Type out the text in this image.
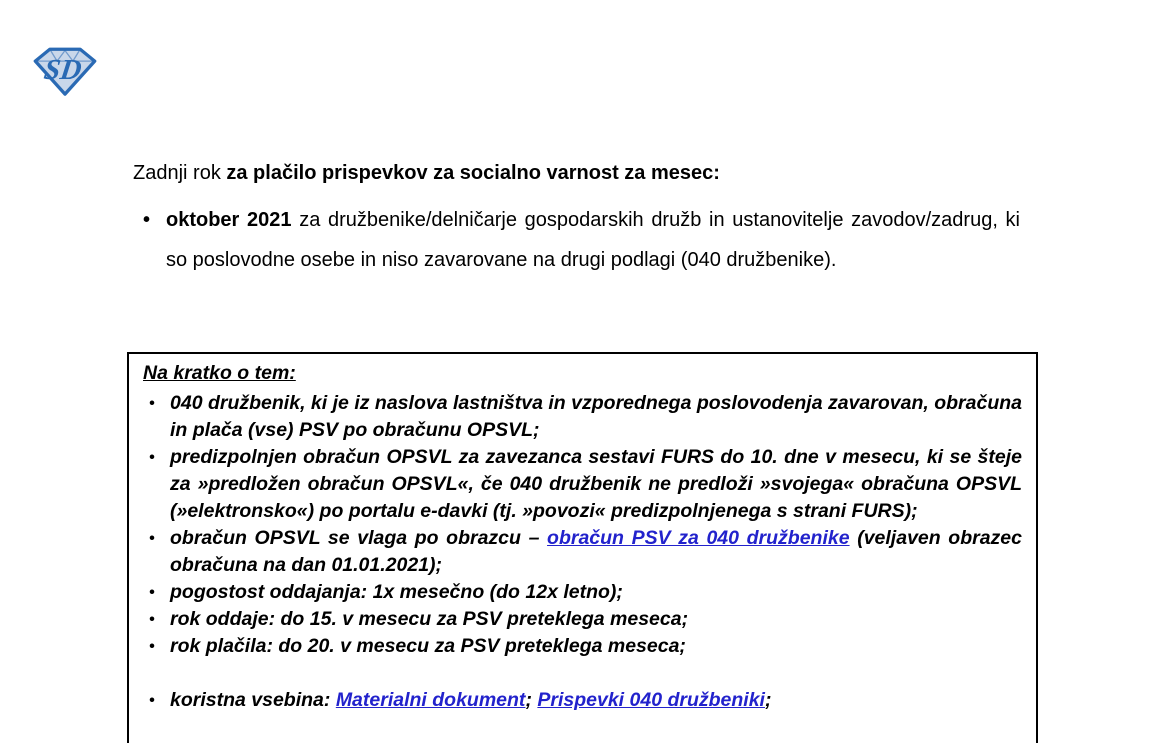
SD

Zadnji rok za plačilo prispevkov za socialno varnost za mesec:

• oktober 2021 za družbenike/delničarje gospodarskih družb in ustanovitelje zavodov/zadrug, ki so poslovodne osebe in niso zavarovane na drugi podlagi (040 družbenike).
Na kratko o tem:
• 040 družbenik, ki je iz naslova lastništva in vzporednega poslovodenja zavarovan, obračuna in plača (vse) PSV po obračunu OPSVL;
• predizpolnjen obračun OPSVL za zavezanca sestavi FURS do 10. dne v mesecu, ki se šteje za »predložen obračun OPSVL«, če 040 družbenik ne predloži »svojega« obračuna OPSVL (»elektronsko«) po portalu e-davki (tj. »povozi« predizpolnjenega s strani FURS);
• obračun OPSVL se vlaga po obrazcu – obračun PSV za 040 družbenike (veljaven obrazec obračuna na dan 01.01.2021);
• pogostost oddajanja: 1x mesečno (do 12x letno);
• rok oddaje: do 15. v mesecu za PSV preteklega meseca;
• rok plačila: do 20. v mesecu za PSV preteklega meseca;
• koristna vsebina: Materialni dokument; Prispevki 040 družbeniki;
